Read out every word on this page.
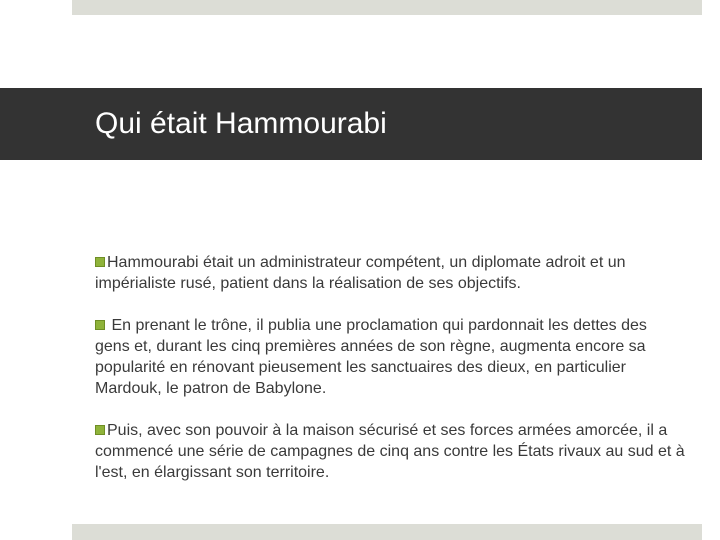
Qui était Hammourabi

Hammourabi était un administrateur compétent, un diplomate adroit et un impérialiste rusé, patient dans la réalisation de ses objectifs.

En prenant le trône, il publia une proclamation qui pardonnait les dettes des gens et, durant les cinq premières années de son règne, augmenta encore sa popularité en rénovant pieusement les sanctuaires des dieux, en particulier Mardouk, le patron de Babylone.

Puis, avec son pouvoir à la maison sécurisé et ses forces armées amorcée, il a commencé une série de campagnes de cinq ans contre les États rivaux au sud et à l'est, en élargissant son territoire.
